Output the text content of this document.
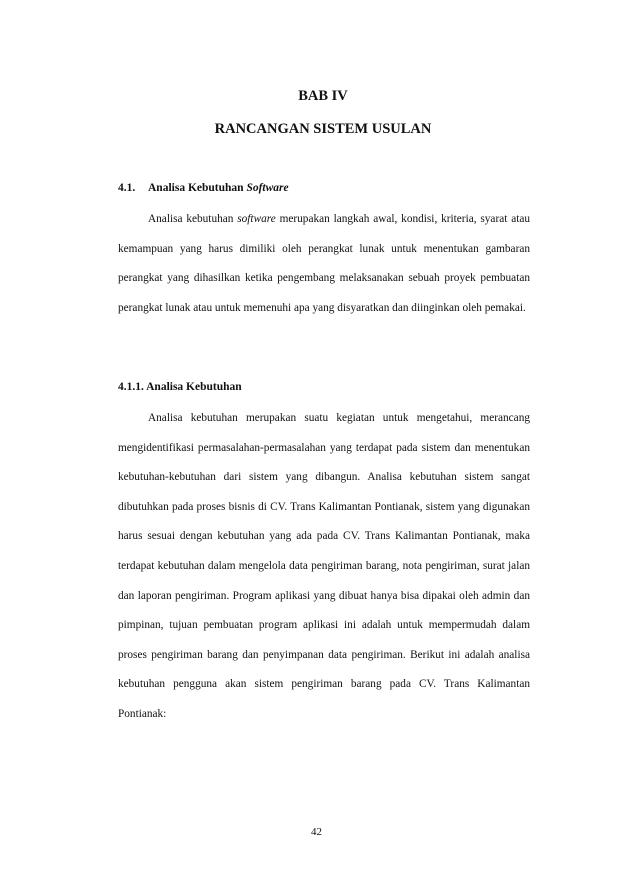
BAB IV
RANCANGAN SISTEM USULAN

4.1. Analisa Kebutuhan Software

Analisa kebutuhan software merupakan langkah awal, kondisi, kriteria, syarat atau kemampuan yang harus dimiliki oleh perangkat lunak untuk menentukan gambaran perangkat yang dihasilkan ketika pengembang melaksanakan sebuah proyek pembuatan perangkat lunak atau untuk memenuhi apa yang disyaratkan dan diinginkan oleh pemakai.

4.1.1. Analisa Kebutuhan

Analisa kebutuhan merupakan suatu kegiatan untuk mengetahui, merancang mengidentifikasi permasalahan-permasalahan yang terdapat pada sistem dan menentukan kebutuhan-kebutuhan dari sistem yang dibangun. Analisa kebutuhan sistem sangat dibutuhkan pada proses bisnis di CV. Trans Kalimantan Pontianak, sistem yang digunakan harus sesuai dengan kebutuhan yang ada pada CV. Trans Kalimantan Pontianak, maka terdapat kebutuhan dalam mengelola data pengiriman barang, nota pengiriman, surat jalan dan laporan pengiriman. Program aplikasi yang dibuat hanya bisa dipakai oleh admin dan pimpinan, tujuan pembuatan program aplikasi ini adalah untuk mempermudah dalam proses pengiriman barang dan penyimpanan data pengiriman. Berikut ini adalah analisa kebutuhan pengguna akan sistem pengiriman barang pada CV. Trans Kalimantan Pontianak:

42
